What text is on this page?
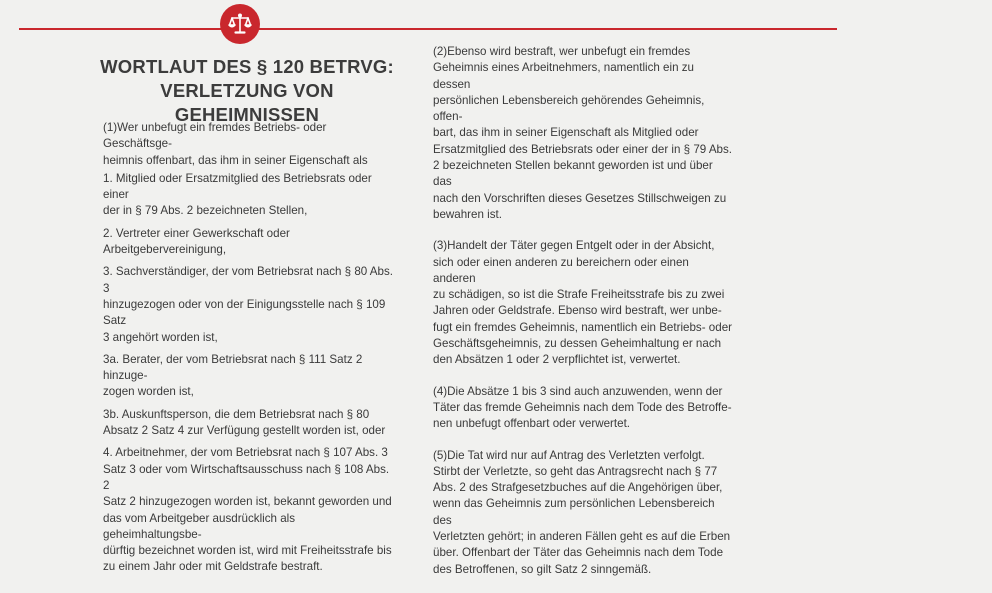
WORTLAUT DES § 120 BETRVG:
VERLETZUNG VON GEHEIMNISSEN

(1)Wer unbefugt ein fremdes Betriebs- oder Geschäftsge-
heimnis offenbart, das ihm in seiner Eigenschaft als

1. Mitglied oder Ersatzmitglied des Betriebsrats oder einer
der in § 79 Abs. 2 bezeichneten Stellen,

2. Vertreter einer Gewerkschaft oder
Arbeitgebervereinigung,

3. Sachverständiger, der vom Betriebsrat nach § 80 Abs. 3
hinzugezogen oder von der Einigungsstelle nach § 109 Satz
3 angehört worden ist,

3a. Berater, der vom Betriebsrat nach § 111 Satz 2 hinzuge-
zogen worden ist,

3b. Auskunftsperson, die dem Betriebsrat nach § 80
Absatz 2 Satz 4 zur Verfügung gestellt worden ist, oder

4. Arbeitnehmer, der vom Betriebsrat nach § 107 Abs. 3
Satz 3 oder vom Wirtschaftsausschuss nach § 108 Abs. 2
Satz 2 hinzugezogen worden ist, bekannt geworden und
das vom Arbeitgeber ausdrücklich als geheimhaltungsbe-
dürftig bezeichnet worden ist, wird mit Freiheitsstrafe bis
zu einem Jahr oder mit Geldstrafe bestraft.

(2)Ebenso wird bestraft, wer unbefugt ein fremdes
Geheimnis eines Arbeitnehmers, namentlich ein zu dessen
persönlichen Lebensbereich gehörendes Geheimnis, offen-
bart, das ihm in seiner Eigenschaft als Mitglied oder
Ersatzmitglied des Betriebsrats oder einer der in § 79 Abs.
2 bezeichneten Stellen bekannt geworden ist und über das
nach den Vorschriften dieses Gesetzes Stillschweigen zu
bewahren ist.

(3)Handelt der Täter gegen Entgelt oder in der Absicht,
sich oder einen anderen zu bereichern oder einen anderen
zu schädigen, so ist die Strafe Freiheitsstrafe bis zu zwei
Jahren oder Geldstrafe. Ebenso wird bestraft, wer unbe-
fugt ein fremdes Geheimnis, namentlich ein Betriebs- oder
Geschäftsgeheimnis, zu dessen Geheimhaltung er nach
den Absätzen 1 oder 2 verpflichtet ist, verwertet.

(4)Die Absätze 1 bis 3 sind auch anzuwenden, wenn der
Täter das fremde Geheimnis nach dem Tode des Betroffe-
nen unbefugt offenbart oder verwertet.

(5)Die Tat wird nur auf Antrag des Verletzten verfolgt.
Stirbt der Verletzte, so geht das Antragsrecht nach § 77
Abs. 2 des Strafgesetzbuches auf die Angehörigen über,
wenn das Geheimnis zum persönlichen Lebensbereich des
Verletzten gehört; in anderen Fällen geht es auf die Erben
über. Offenbart der Täter das Geheimnis nach dem Tode
des Betroffenen, so gilt Satz 2 sinngemäß.
